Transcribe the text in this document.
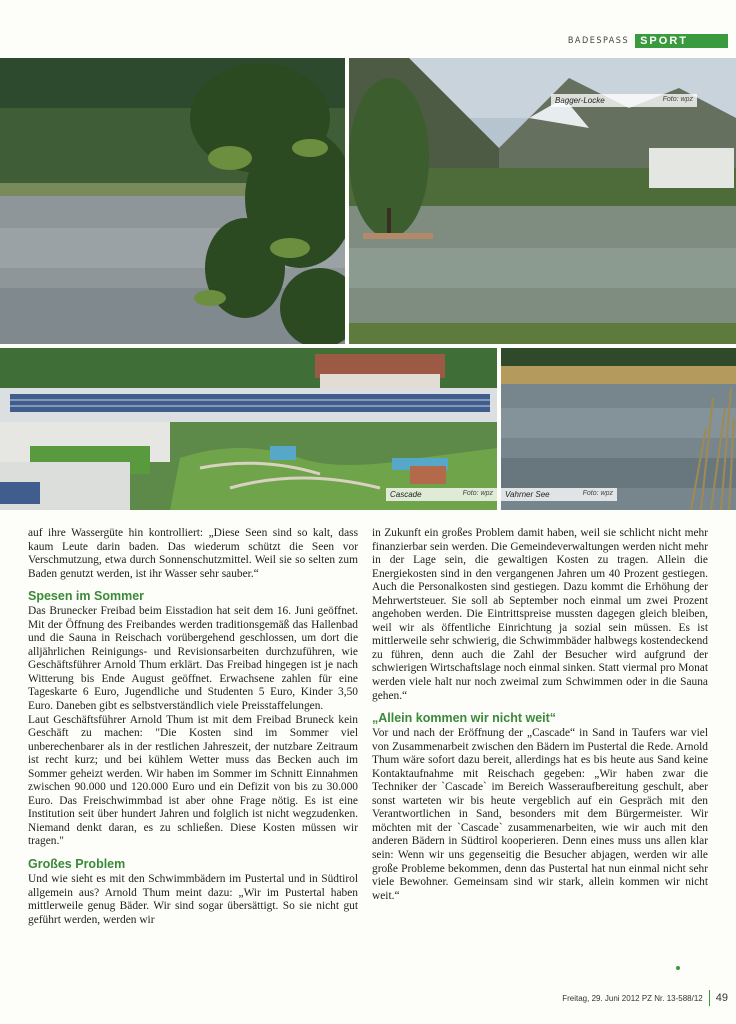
BADESPASS	SPORT
Bagger-Locke	Foto: wpz
Cascade	Foto: wpz Vahrner See	Foto: wpz

auf ihre Wassergüte hin kontrolliert: „Diese Seen sind so kalt, dass kaum Leute darin baden. Das wiederum schützt die Seen vor Verschmutzung, etwa durch Sonnenschutzmittel. Weil sie so selten zum Baden genutzt werden, ist ihr Wasser sehr sauber.“

Spesen im Sommer

Das Brunecker Freibad beim Eisstadion hat seit dem 16. Juni geöffnet. Mit der Öffnung des Freibandes werden traditionsgemäß das Hallenbad und die Sauna in Reischach vorübergehend geschlossen, um dort die alljährlichen Reinigungs- und Revisionsarbeiten durchzuführen, wie Geschäftsführer Arnold Thum erklärt. Das Freibad hingegen ist je nach Witterung bis Ende August geöffnet. Erwachsene zahlen für eine Tageskarte 6 Euro, Jugendliche und Studenten 5 Euro, Kinder 3,50 Euro. Daneben gibt es selbstverständlich viele Preisstaffelungen.

Laut Geschäftsführer Arnold Thum ist mit dem Freibad Bruneck kein Geschäft zu machen: "Die Kosten sind im Sommer viel unberechenbarer als in der restlichen Jahreszeit, der nutzbare Zeitraum ist recht kurz; und bei kühlem Wetter muss das Becken auch im Sommer geheizt werden. Wir haben im Sommer im Schnitt Einnahmen zwischen 90.000 und 120.000 Euro und ein Defizit von bis zu 30.000 Euro. Das Freischwimmbad ist aber ohne Frage nötig. Es ist eine Institution seit über hundert Jahren und folglich ist nicht wegzudenken. Niemand denkt daran, es zu schließen. Diese Kosten müssen wir tragen."

Großes Problem

Und wie sieht es mit den Schwimmbädern im Pustertal und in Südtirol allgemein aus? Arnold Thum meint dazu: „Wir im Pustertal haben mittlerweile genug Bäder. Wir sind sogar übersättigt. So sie nicht gut geführt werden, werden wir

in Zukunft ein großes Problem damit haben, weil sie schlicht nicht mehr finanzierbar sein werden. Die Gemeindeverwaltungen werden nicht mehr in der Lage sein, die gewaltigen Kosten zu tragen. Allein die Energiekosten sind in den vergangenen Jahren um 40 Prozent gestiegen. Auch die Personalkosten sind gestiegen. Dazu kommt die Erhöhung der Mehrwertsteuer. Sie soll ab September noch einmal um zwei Prozent angehoben werden. Die Eintrittspreise mussten dagegen gleich bleiben, weil wir als öffentliche Einrichtung ja sozial sein müssen. Es ist mittlerweile sehr schwierig, die Schwimmbäder halbwegs kostendeckend zu führen, denn auch die Zahl der Besucher wird aufgrund der schwierigen Wirtschaftslage noch einmal sinken. Statt viermal pro Monat werden viele halt nur noch zweimal zum Schwimmen oder in die Sauna gehen.“

„Allein kommen wir nicht weit“

Vor und nach der Eröffnung der „Cascade“ in Sand in Taufers war viel von Zusammenarbeit zwischen den Bädern im Pustertal die Rede. Arnold Thum wäre sofort dazu bereit, allerdings hat es bis heute aus Sand keine Kontaktaufnahme mit Reischach gegeben: „Wir haben zwar die Techniker der `Cascade` im Bereich Wasseraufbereitung geschult, aber sonst warteten wir bis heute vergeblich auf ein Gespräch mit den Verantwortlichen in Sand, besonders mit dem Bürgermeister. Wir möchten mit der `Cascade` zusammenarbeiten, wie wir auch mit den anderen Bädern in Südtirol kooperieren. Denn eines muss uns allen klar sein: Wenn wir uns gegenseitig die Besucher abjagen, werden wir alle große Probleme bekommen, denn das Pustertal hat nun einmal nicht sehr viele Bewohner. Gemeinsam sind wir stark, allein kommen wir nicht weit.“

Freitag, 29. Juni 2012 PZ Nr. 13-588/12	49
